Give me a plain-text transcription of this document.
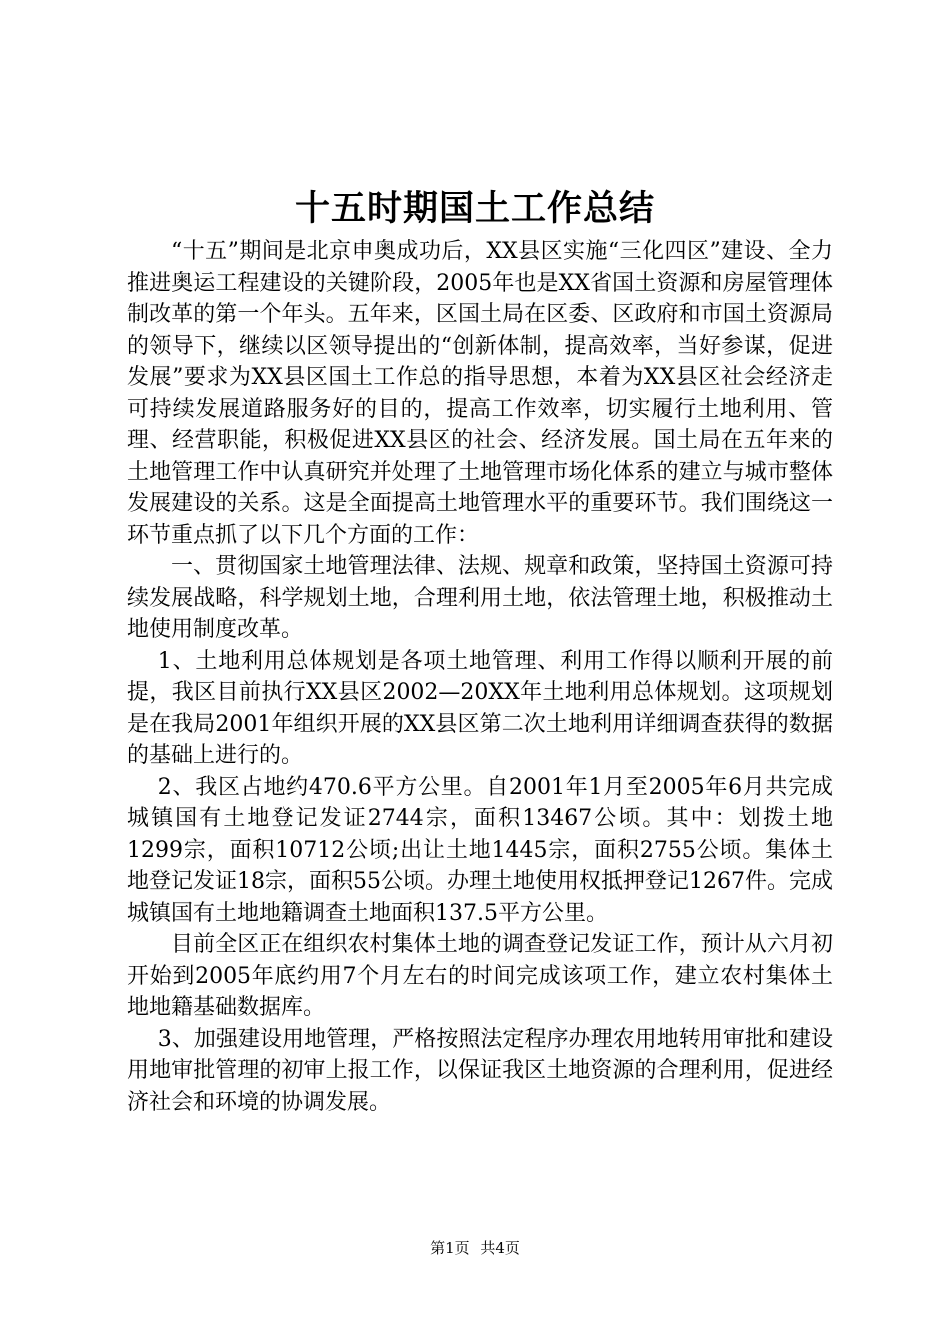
十五时期国土工作总结

“十五”期间是北京申奥成功后，XX县区实施“三化四区”建设、全力推进奥运工程建设的关键阶段，2005年也是XX省国土资源和房屋管理体制改革的第一个年头。五年来，区国土局在区委、区政府和市国土资源局的领导下，继续以区领导提出的“创新体制，提高效率，当好参谋，促进发展”要求为XX县区国土工作总的指导思想，本着为XX县区社会经济走可持续发展道路服务好的目的，提高工作效率，切实履行土地利用、管理、经营职能，积极促进XX县区的社会、经济发展。国土局在五年来的土地管理工作中认真研究并处理了土地管理市场化体系的建立与城市整体发展建设的关系。这是全面提高土地管理水平的重要环节。我们围绕这一环节重点抓了以下几个方面的工作：

一、贯彻国家土地管理法律、法规、规章和政策，坚持国土资源可持续发展战略，科学规划土地，合理利用土地，依法管理土地，积极推动土地使用制度改革。

1、土地利用总体规划是各项土地管理、利用工作得以顺利开展的前提，我区目前执行XX县区2002—20XX年土地利用总体规划。这项规划是在我局2001年组织开展的XX县区第二次土地利用详细调查获得的数据的基础上进行的。

2、我区占地约470.6平方公里。自2001年1月至2005年6月共完成城镇国有土地登记发证2744宗，面积13467公顷。其中：划拨土地1299宗，面积10712公顷;出让土地1445宗，面积2755公顷。集体土地登记发证18宗，面积55公顷。办理土地使用权抵押登记1267件。完成城镇国有土地地籍调查土地面积137.5平方公里。

目前全区正在组织农村集体土地的调查登记发证工作，预计从六月初开始到2005年底约用7个月左右的时间完成该项工作，建立农村集体土地地籍基础数据库。

3、加强建设用地管理，严格按照法定程序办理农用地转用审批和建设用地审批管理的初审上报工作，以保证我区土地资源的合理利用，促进经济社会和环境的协调发展。

第1页 共4页
